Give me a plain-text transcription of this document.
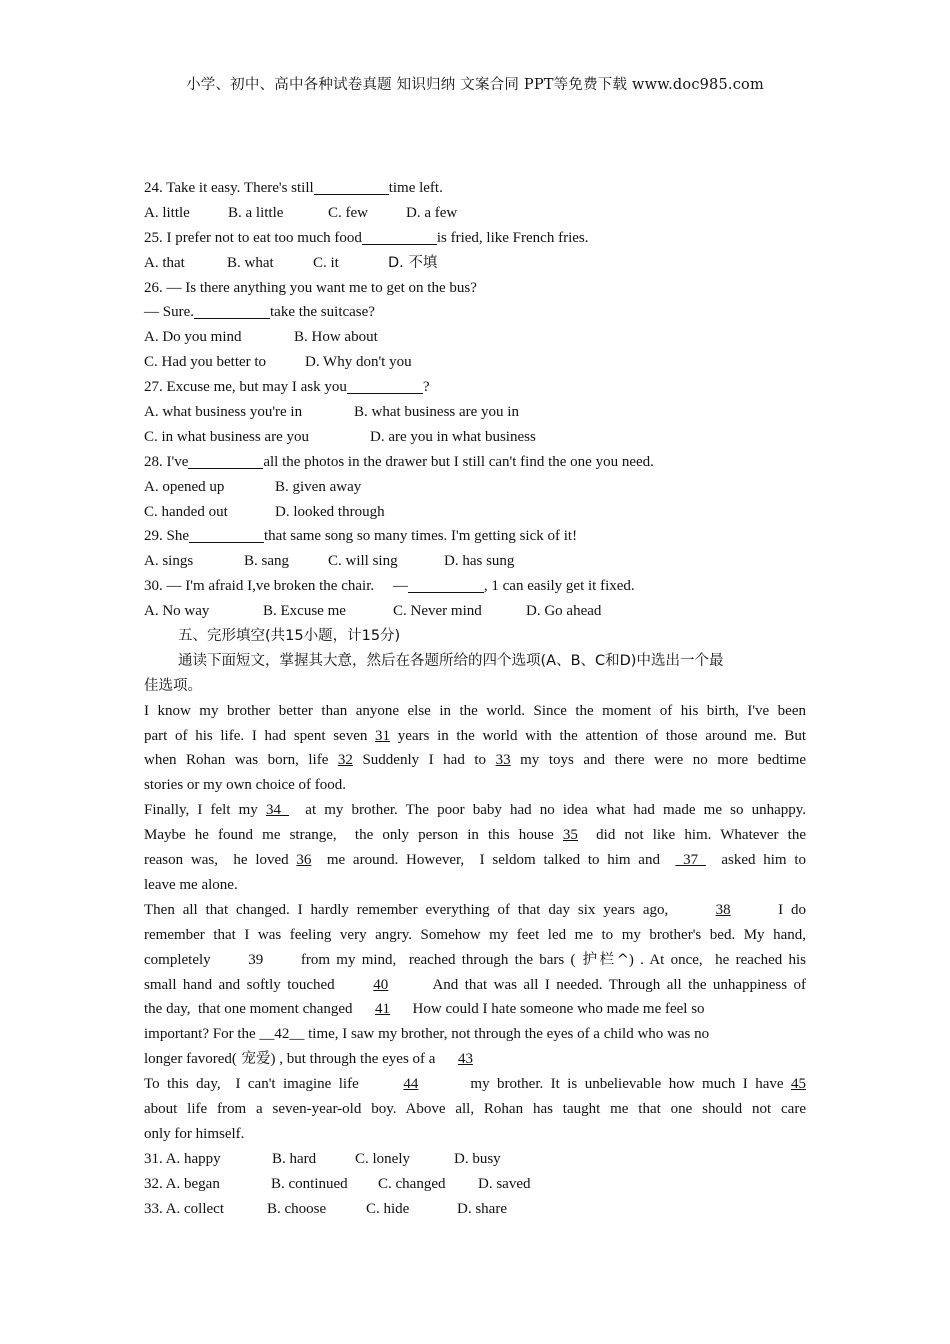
小学、初中、高中各种试卷真题 知识归纳 文案合同 PPT等免费下载 www.doc985.com
24. Take it easy. There's still	time left.
A. little	B. a little	C. few	D. a few
25. I prefer not to eat too much food	is fried, like French fries.
A. that	B. what	C. it	D. 不填
26. — Is there anything you want me to get on the bus?
— Sure.	take the suitcase?
A. Do you mind	B. How about
C. Had you better to	D. Why don't you
27. Excuse me, but may I ask you	?
A. what business you're in	B. what business are you in
C. in what business are you	D. are you in what business
28. I've	all the photos in the drawer but I still can't find the one you need.
A. opened up	B. given away
C. handed out	D. looked through
29. She	that same song so many times. I'm getting sick of it!
A. sings	B. sang	C. will sing	D. has sung
30. — I'm afraid I,ve broken the chair.     —	, 1 can easily get it fixed.
A. No way	B. Excuse me	C. Never mind	D. Go ahead
五、完形填空(共15小题，计15分)
通读下面短文，掌握其大意，然后在各题所给的四个选项(A、B、C和D)中选出一个最
佳选项。
I know my brother better than anyone else in the world. Since the moment of his birth, I've been
part of his life. I had spent seven 31 years in the world with the attention of those around me. But
when Rohan was born, life 32 Suddenly I had to 33 my toys and there were no more bedtime
stories or my own choice of food.
Finally, I felt my 34   at my brother. The poor baby had no idea what had made me so unhappy.
Maybe he found me strange,  the only person in this house 35  did not like him. Whatever the
reason was,  he loved 36  me around. However,  I seldom talked to him and   37   asked him to
leave me alone.
Then all that changed. I hardly remember everything of that day six years ago,      38      I do
remember that I was feeling very angry. Somehow my feet led me to my brother's bed. My hand,
completely      39      from my mind,  reached through the bars ( 护栏^) . At once,  he reached his
small hand and softly touched      40       And that was all I needed. Through all the unhappiness of
the day,  that one moment changed      41      How could I hate someone who made me feel so
important? For the __42__ time, I saw my brother, not through the eyes of a child who was no
longer favored( 宠爱) , but through the eyes of a      43
To this day,  I can't imagine life      44       my brother. It is unbelievable how much I have 45
about life from a seven-year-old boy. Above all, Rohan has taught me that one should not care
only for himself.
31. A. happy	B. hard	C. lonely	D. busy
32. A. began	B. continued C. changed D. saved
33. A. collect	B. choose	C. hide	D. share
